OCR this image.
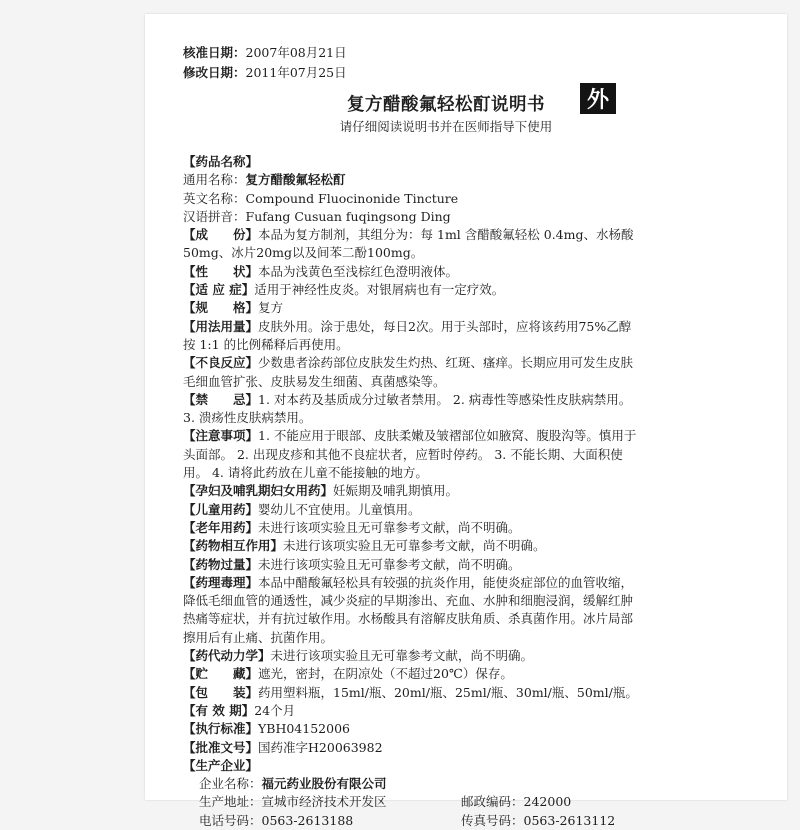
核准日期：2007年08月21日
修改日期：2011年07月25日
复方醋酸氟轻松酊说明书	外
请仔细阅读说明书并在医师指导下使用

【药品名称】

通用名称：复方醋酸氟轻松酊

英文名称：Compound Fluocinonide Tincture

汉语拼音：Fufang Cusuan fuqingsong Ding

【成　　份】本品为复方制剂，其组分为：每 1ml 含醋酸氟轻松 0.4mg、水杨酸 50mg、冰片20mg以及间苯二酚100mg。

【性　　状】本品为浅黄色至浅棕红色澄明液体。

【适 应 症】适用于神经性皮炎。对银屑病也有一定疗效。

【规　　格】复方

【用法用量】皮肤外用。涂于患处，每日2次。用于头部时，应将该药用75%乙醇按 1:1 的比例稀释后再使用。

【不良反应】少数患者涂药部位皮肤发生灼热、红斑、瘙痒。长期应用可发生皮肤毛细血管扩张、皮肤易发生细菌、真菌感染等。

【禁　　忌】1. 对本药及基质成分过敏者禁用。 2. 病毒性等感染性皮肤病禁用。 3. 溃疡性皮肤病禁用。

【注意事项】1. 不能应用于眼部、皮肤柔嫩及皱褶部位如腋窝、腹股沟等。慎用于头面部。 2. 出现皮疹和其他不良症状者，应暂时停药。 3. 不能长期、大面积使用。 4. 请将此药放在儿童不能接触的地方。

【孕妇及哺乳期妇女用药】妊娠期及哺乳期慎用。

【儿童用药】婴幼儿不宜使用。儿童慎用。

【老年用药】未进行该项实验且无可靠参考文献，尚不明确。

【药物相互作用】未进行该项实验且无可靠参考文献，尚不明确。

【药物过量】未进行该项实验且无可靠参考文献，尚不明确。

【药理毒理】本品中醋酸氟轻松具有较强的抗炎作用，能使炎症部位的血管收缩，降低毛细血管的通透性，减少炎症的早期渗出、充血、水肿和细胞浸润，缓解红肿热痛等症状，并有抗过敏作用。水杨酸具有溶解皮肤角质、杀真菌作用。冰片局部擦用后有止痛、抗菌作用。

【药代动力学】未进行该项实验且无可靠参考文献，尚不明确。

【贮　　藏】遮光，密封，在阴凉处（不超过20℃）保存。

【包　　装】药用塑料瓶，15ml/瓶、20ml/瓶、25ml/瓶、30ml/瓶、50ml/瓶。

【有 效 期】24个月

【执行标准】YBH04152006

【批准文号】国药准字H20063982

【生产企业】

企业名称：福元药业股份有限公司

生产地址：宣城市经济技术开发区	邮政编码：242000
电话号码：0563-2613188	传真号码：0563-2613112
